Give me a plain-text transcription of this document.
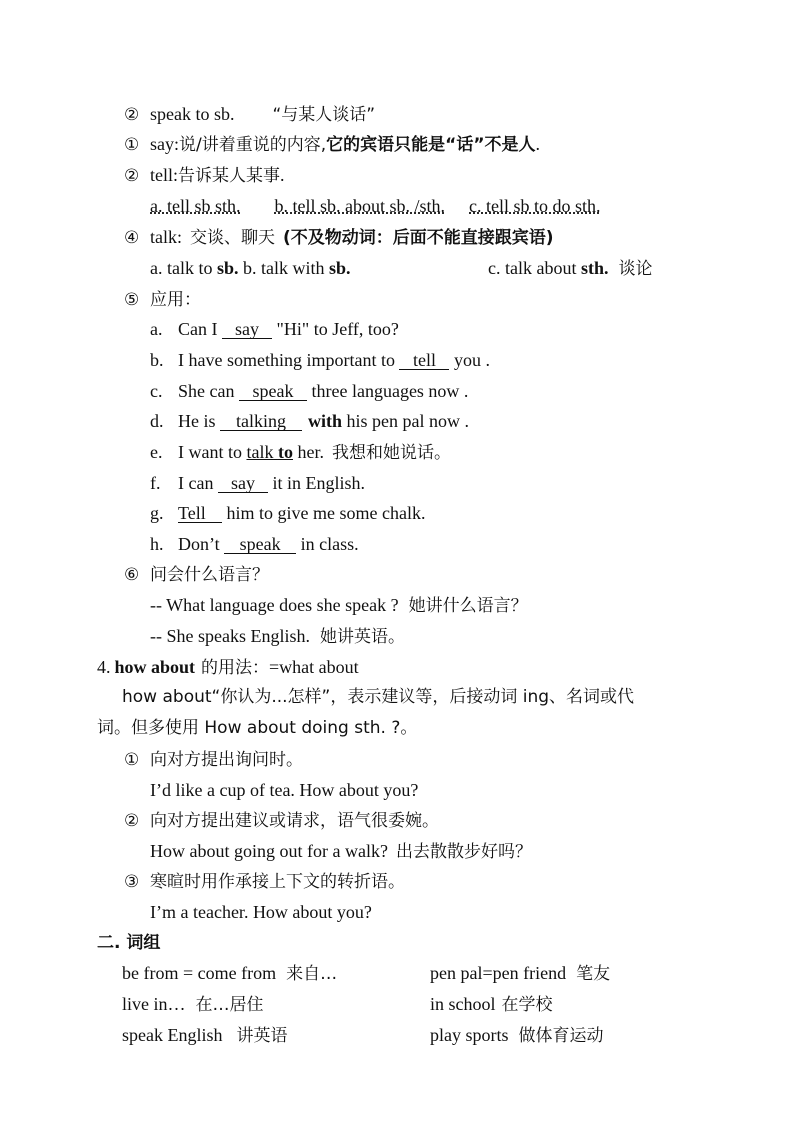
② speak to sb. “与某人谈话”
① say:说/讲着重说的内容,它的宾语只能是“话”不是人.
② tell:告诉某人某事.
a. tell sb sth. b. tell sb. about sb. /sth. c. tell sb to do sth.
④ talk: 交谈、聊天 (不及物动词：后面不能直接跟宾语)
a. talk to sb. b. talk with sb.	c. talk about sth. 谈论
⑤ 应用：
a. Can I say "Hi" to Jeff, too?
b. I have something important to tell you .
c. She can speak three languages now .
d. He is talking with his pen pal now .
e. I want to talk to her. 我想和她说话。
f. I can say it in English.
g. Tell him to give me some chalk.
h. Don’t speak in class.
⑥ 问会什么语言？
-- What language does she speak ? 她讲什么语言？
-- She speaks English. 她讲英语。
4. how about 的用法：=what about
how about“你认为...怎样”，表示建议等，后接动词 ing、名词或代
词。但多使用 How about doing sth. ?。
① 向对方提出询问时。
I’d like a cup of tea. How about you?
② 向对方提出建议或请求，语气很委婉。
How about going out for a walk? 出去散散步好吗？
③ 寒暄时用作承接上下文的转折语。
I’m a teacher. How about you?
二. 词组
be from = come from 来自…	pen pal=pen friend 笔友
live in… 在…居住	in school 在学校
speak English 讲英语	play sports 做体育运动
